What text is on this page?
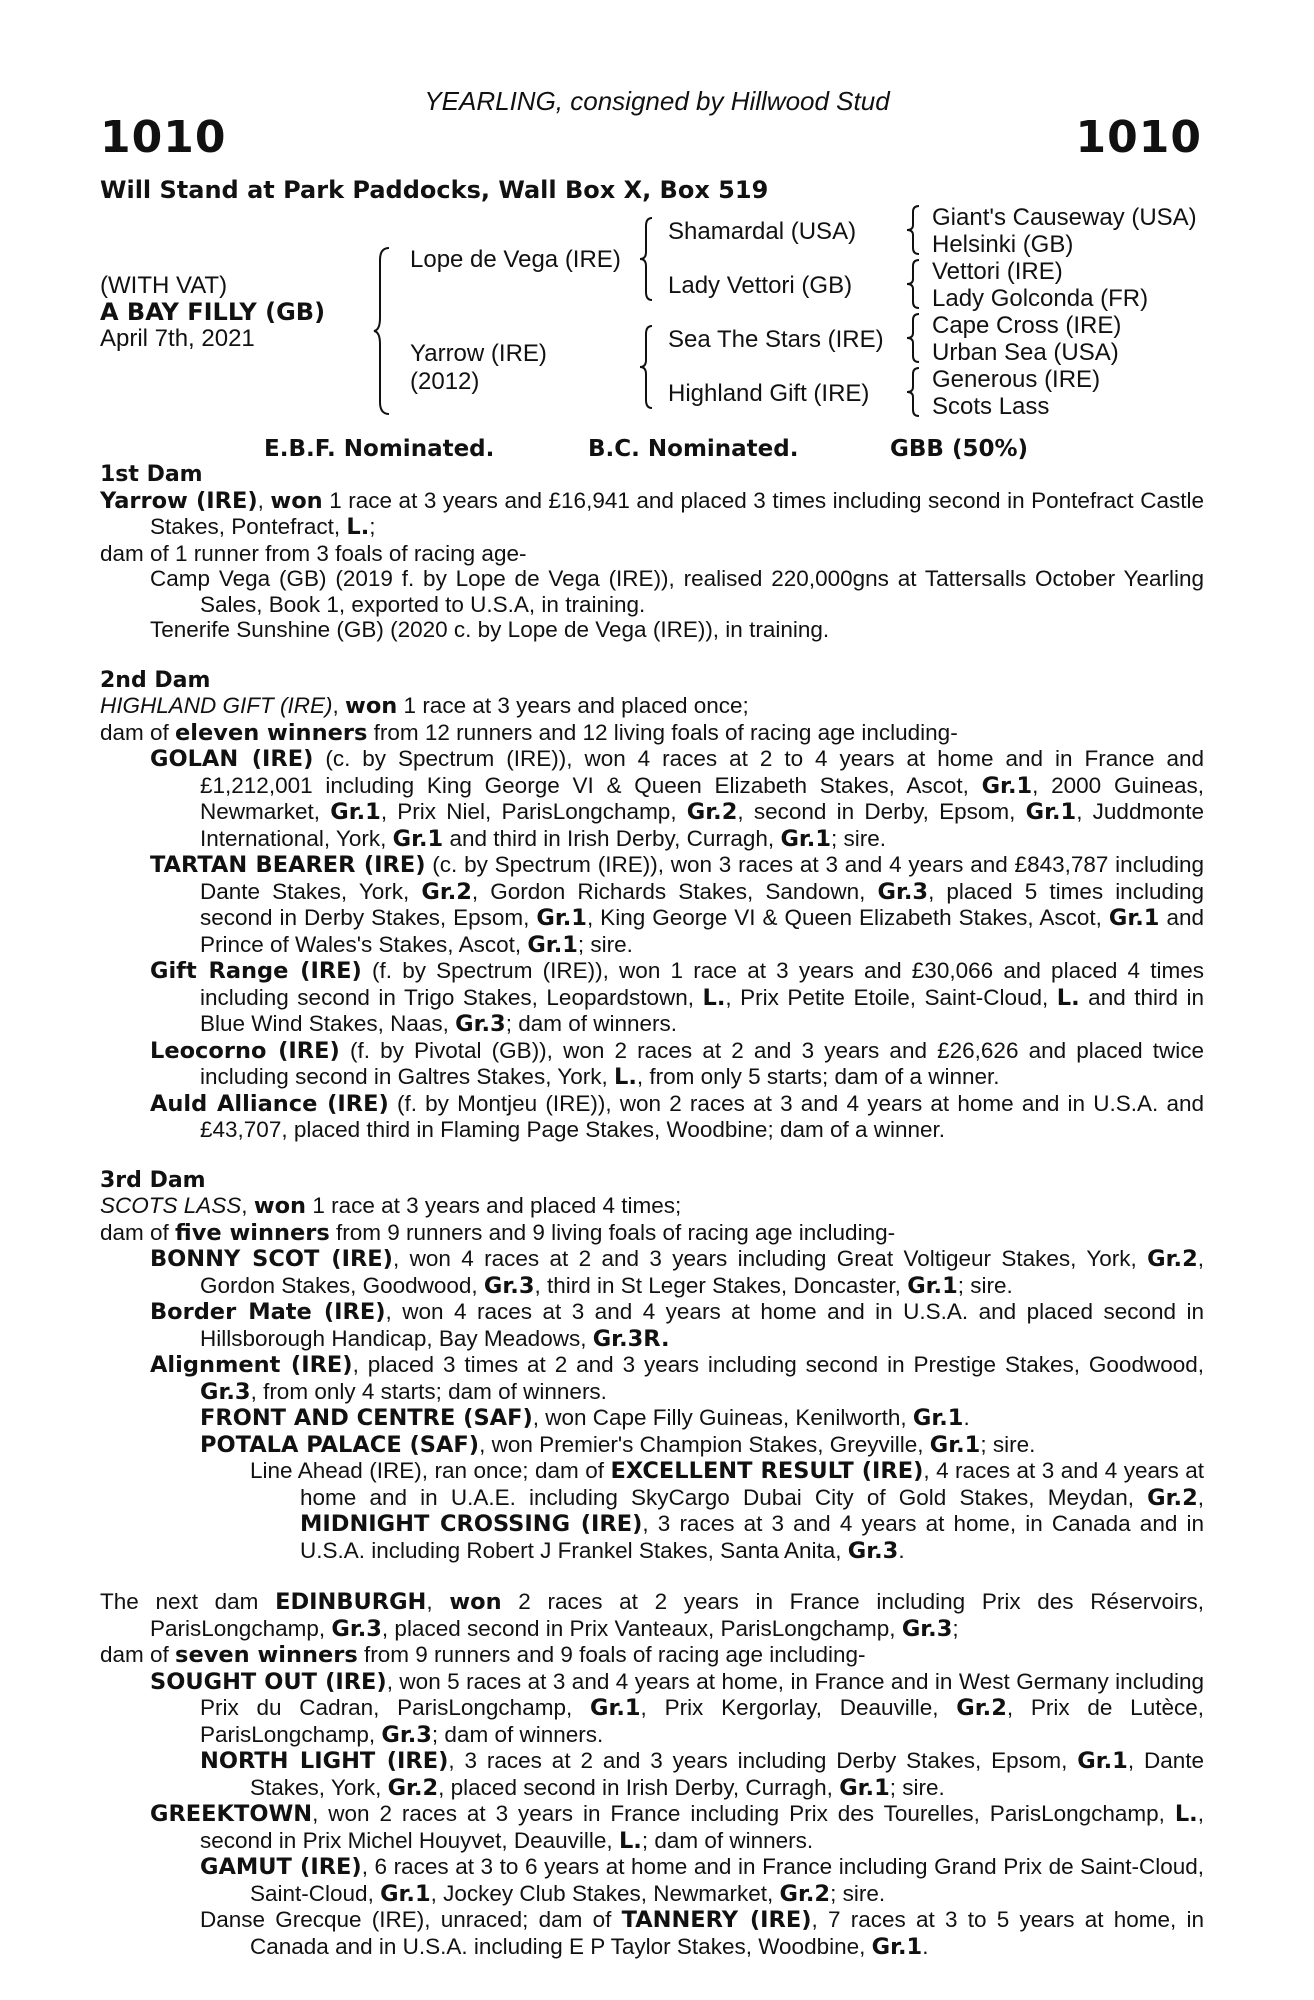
YEARLING, consigned by Hillwood Stud
1010	1010
Will Stand at Park Paddocks, Wall Box X, Box 519
(WITH VAT)
A BAY FILLY (GB)
April 7th, 2021
Lope de Vega (IRE)
Yarrow (IRE)
(2012)
Shamardal (USA)
Lady Vettori (GB)
Sea The Stars (IRE)
Highland Gift (IRE)
Giant's Causeway (USA)
Helsinki (GB)
Vettori (IRE)
Lady Golconda (FR)
Cape Cross (IRE)
Urban Sea (USA)
Generous (IRE)
Scots Lass
E.B.F. Nominated.	B.C. Nominated.	GBB (50%)
1st Dam

Yarrow (IRE), won 1 race at 3 years and £16,941 and placed 3 times including second in Pontefract Castle Stakes, Pontefract, L.;

dam of 1 runner from 3 foals of racing age-

Camp Vega (GB) (2019 f. by Lope de Vega (IRE)), realised 220,000gns at Tattersalls October Yearling Sales, Book 1, exported to U.S.A, in training.

Tenerife Sunshine (GB) (2020 c. by Lope de Vega (IRE)), in training.

2nd Dam

HIGHLAND GIFT (IRE), won 1 race at 3 years and placed once;

dam of eleven winners from 12 runners and 12 living foals of racing age including-

GOLAN (IRE) (c. by Spectrum (IRE)), won 4 races at 2 to 4 years at home and in France and £1,212,001 including King George VI & Queen Elizabeth Stakes, Ascot, Gr.1, 2000 Guineas, Newmarket, Gr.1, Prix Niel, ParisLongchamp, Gr.2, second in Derby, Epsom, Gr.1, Juddmonte International, York, Gr.1 and third in Irish Derby, Curragh, Gr.1; sire.

TARTAN BEARER (IRE) (c. by Spectrum (IRE)), won 3 races at 3 and 4 years and £843,787 including Dante Stakes, York, Gr.2, Gordon Richards Stakes, Sandown, Gr.3, placed 5 times including second in Derby Stakes, Epsom, Gr.1, King George VI & Queen Elizabeth Stakes, Ascot, Gr.1 and Prince of Wales's Stakes, Ascot, Gr.1; sire.

Gift Range (IRE) (f. by Spectrum (IRE)), won 1 race at 3 years and £30,066 and placed 4 times including second in Trigo Stakes, Leopardstown, L., Prix Petite Etoile, Saint-Cloud, L. and third in Blue Wind Stakes, Naas, Gr.3; dam of winners.

Leocorno (IRE) (f. by Pivotal (GB)), won 2 races at 2 and 3 years and £26,626 and placed twice including second in Galtres Stakes, York, L., from only 5 starts; dam of a winner.

Auld Alliance (IRE) (f. by Montjeu (IRE)), won 2 races at 3 and 4 years at home and in U.S.A. and £43,707, placed third in Flaming Page Stakes, Woodbine; dam of a winner.

3rd Dam

SCOTS LASS, won 1 race at 3 years and placed 4 times;

dam of five winners from 9 runners and 9 living foals of racing age including-

BONNY SCOT (IRE), won 4 races at 2 and 3 years including Great Voltigeur Stakes, York, Gr.2, Gordon Stakes, Goodwood, Gr.3, third in St Leger Stakes, Doncaster, Gr.1; sire.

Border Mate (IRE), won 4 races at 3 and 4 years at home and in U.S.A. and placed second in Hillsborough Handicap, Bay Meadows, Gr.3R.

Alignment (IRE), placed 3 times at 2 and 3 years including second in Prestige Stakes, Goodwood, Gr.3, from only 4 starts; dam of winners.

FRONT AND CENTRE (SAF), won Cape Filly Guineas, Kenilworth, Gr.1.

POTALA PALACE (SAF), won Premier's Champion Stakes, Greyville, Gr.1; sire.

Line Ahead (IRE), ran once; dam of EXCELLENT RESULT (IRE), 4 races at 3 and 4 years at home and in U.A.E. including SkyCargo Dubai City of Gold Stakes, Meydan, Gr.2, MIDNIGHT CROSSING (IRE), 3 races at 3 and 4 years at home, in Canada and in U.S.A. including Robert J Frankel Stakes, Santa Anita, Gr.3.

The next dam EDINBURGH, won 2 races at 2 years in France including Prix des Réservoirs, ParisLongchamp, Gr.3, placed second in Prix Vanteaux, ParisLongchamp, Gr.3;

dam of seven winners from 9 runners and 9 foals of racing age including-

SOUGHT OUT (IRE), won 5 races at 3 and 4 years at home, in France and in West Germany including Prix du Cadran, ParisLongchamp, Gr.1, Prix Kergorlay, Deauville, Gr.2, Prix de Lutèce, ParisLongchamp, Gr.3; dam of winners.

NORTH LIGHT (IRE), 3 races at 2 and 3 years including Derby Stakes, Epsom, Gr.1, Dante Stakes, York, Gr.2, placed second in Irish Derby, Curragh, Gr.1; sire.

GREEKTOWN, won 2 races at 3 years in France including Prix des Tourelles, ParisLongchamp, L., second in Prix Michel Houyvet, Deauville, L.; dam of winners.

GAMUT (IRE), 6 races at 3 to 6 years at home and in France including Grand Prix de Saint-Cloud, Saint-Cloud, Gr.1, Jockey Club Stakes, Newmarket, Gr.2; sire.

Danse Grecque (IRE), unraced; dam of TANNERY (IRE), 7 races at 3 to 5 years at home, in Canada and in U.S.A. including E P Taylor Stakes, Woodbine, Gr.1.
